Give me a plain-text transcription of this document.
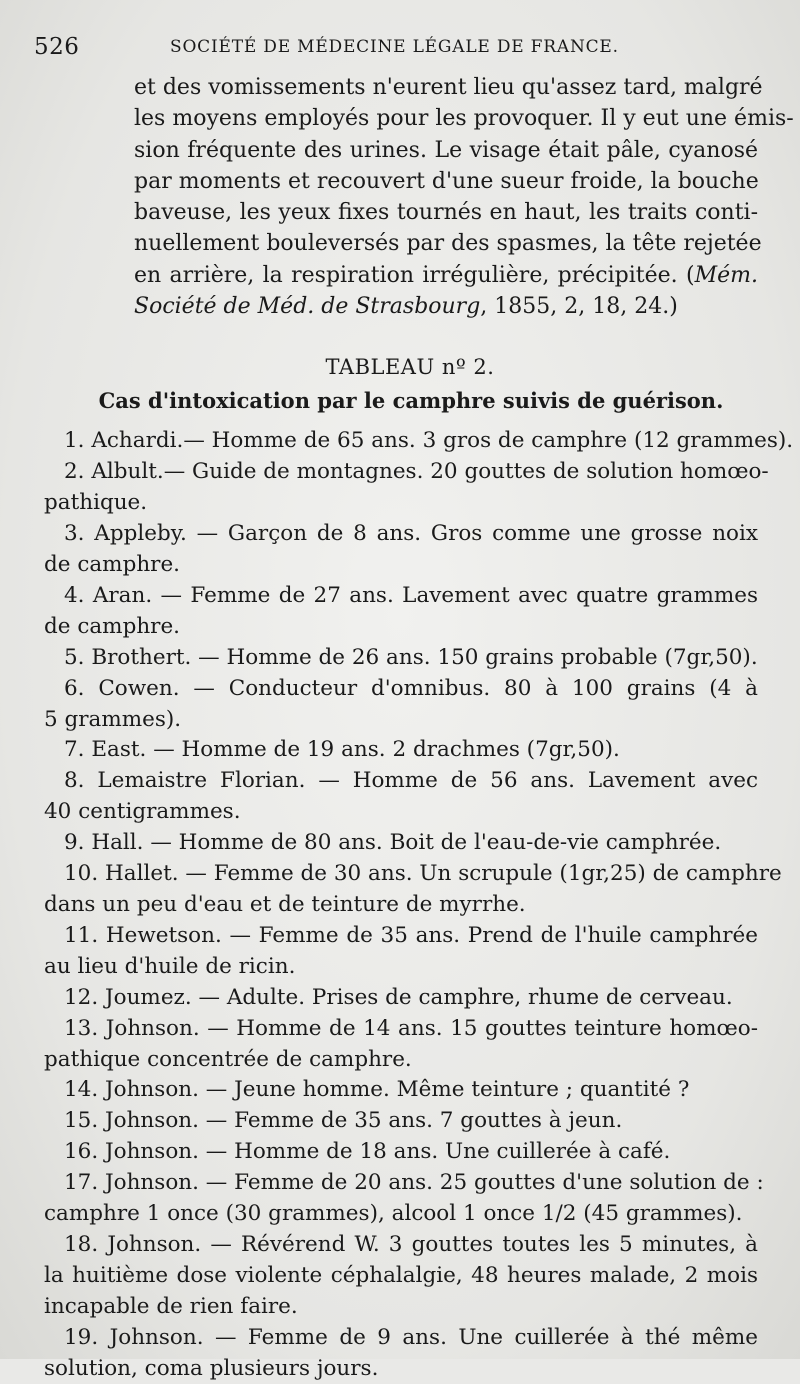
526	SOCIÉTÉ DE MÉDECINE LÉGALE DE FRANCE.

et des vomissements n'eurent lieu qu'assez tard, malgré
les moyens employés pour les provoquer. Il y eut une émis-
sion fréquente des urines. Le visage était pâle, cyanosé
par moments et recouvert d'une sueur froide, la bouche
baveuse, les yeux fixes tournés en haut, les traits conti-
nuellement bouleversés par des spasmes, la tête rejetée
en arrière, la respiration irrégulière, précipitée. (Mém.
Société de Méd. de Strasbourg, 1855, 2, 18, 24.)

TABLEAU nº 2.
Cas d'intoxication par le camphre suivis de guérison.

1. Achardi.— Homme de 65 ans. 3 gros de camphre (12 grammes).

2. Albult.— Guide de montagnes. 20 gouttes de solution homœo-
pathique.

3. Appleby. — Garçon de 8 ans. Gros comme une grosse noix
de camphre.

4. Aran. — Femme de 27 ans. Lavement avec quatre grammes
de camphre.

5. Brothert. — Homme de 26 ans. 150 grains probable (7gr,50).

6. Cowen. — Conducteur d'omnibus. 80 à 100 grains (4 à
5 grammes).

7. East. — Homme de 19 ans. 2 drachmes (7gr,50).

8. Lemaistre Florian. — Homme de 56 ans. Lavement avec
40 centigrammes.

9. Hall. — Homme de 80 ans. Boit de l'eau-de-vie camphrée.

10. Hallet. — Femme de 30 ans. Un scrupule (1gr,25) de camphre
dans un peu d'eau et de teinture de myrrhe.

11. Hewetson. — Femme de 35 ans. Prend de l'huile camphrée
au lieu d'huile de ricin.

12. Joumez. — Adulte. Prises de camphre, rhume de cerveau.

13. Johnson. — Homme de 14 ans. 15 gouttes teinture homœo-
pathique concentrée de camphre.

14. Johnson. — Jeune homme. Même teinture ; quantité ?

15. Johnson. — Femme de 35 ans. 7 gouttes à jeun.

16. Johnson. — Homme de 18 ans. Une cuillerée à café.

17. Johnson. — Femme de 20 ans. 25 gouttes d'une solution de :
camphre 1 once (30 grammes), alcool 1 once 1/2 (45 grammes).

18. Johnson. — Révérend W. 3 gouttes toutes les 5 minutes, à
la huitième dose violente céphalalgie, 48 heures malade, 2 mois
incapable de rien faire.

19. Johnson. — Femme de 9 ans. Une cuillerée à thé même
solution, coma plusieurs jours.
